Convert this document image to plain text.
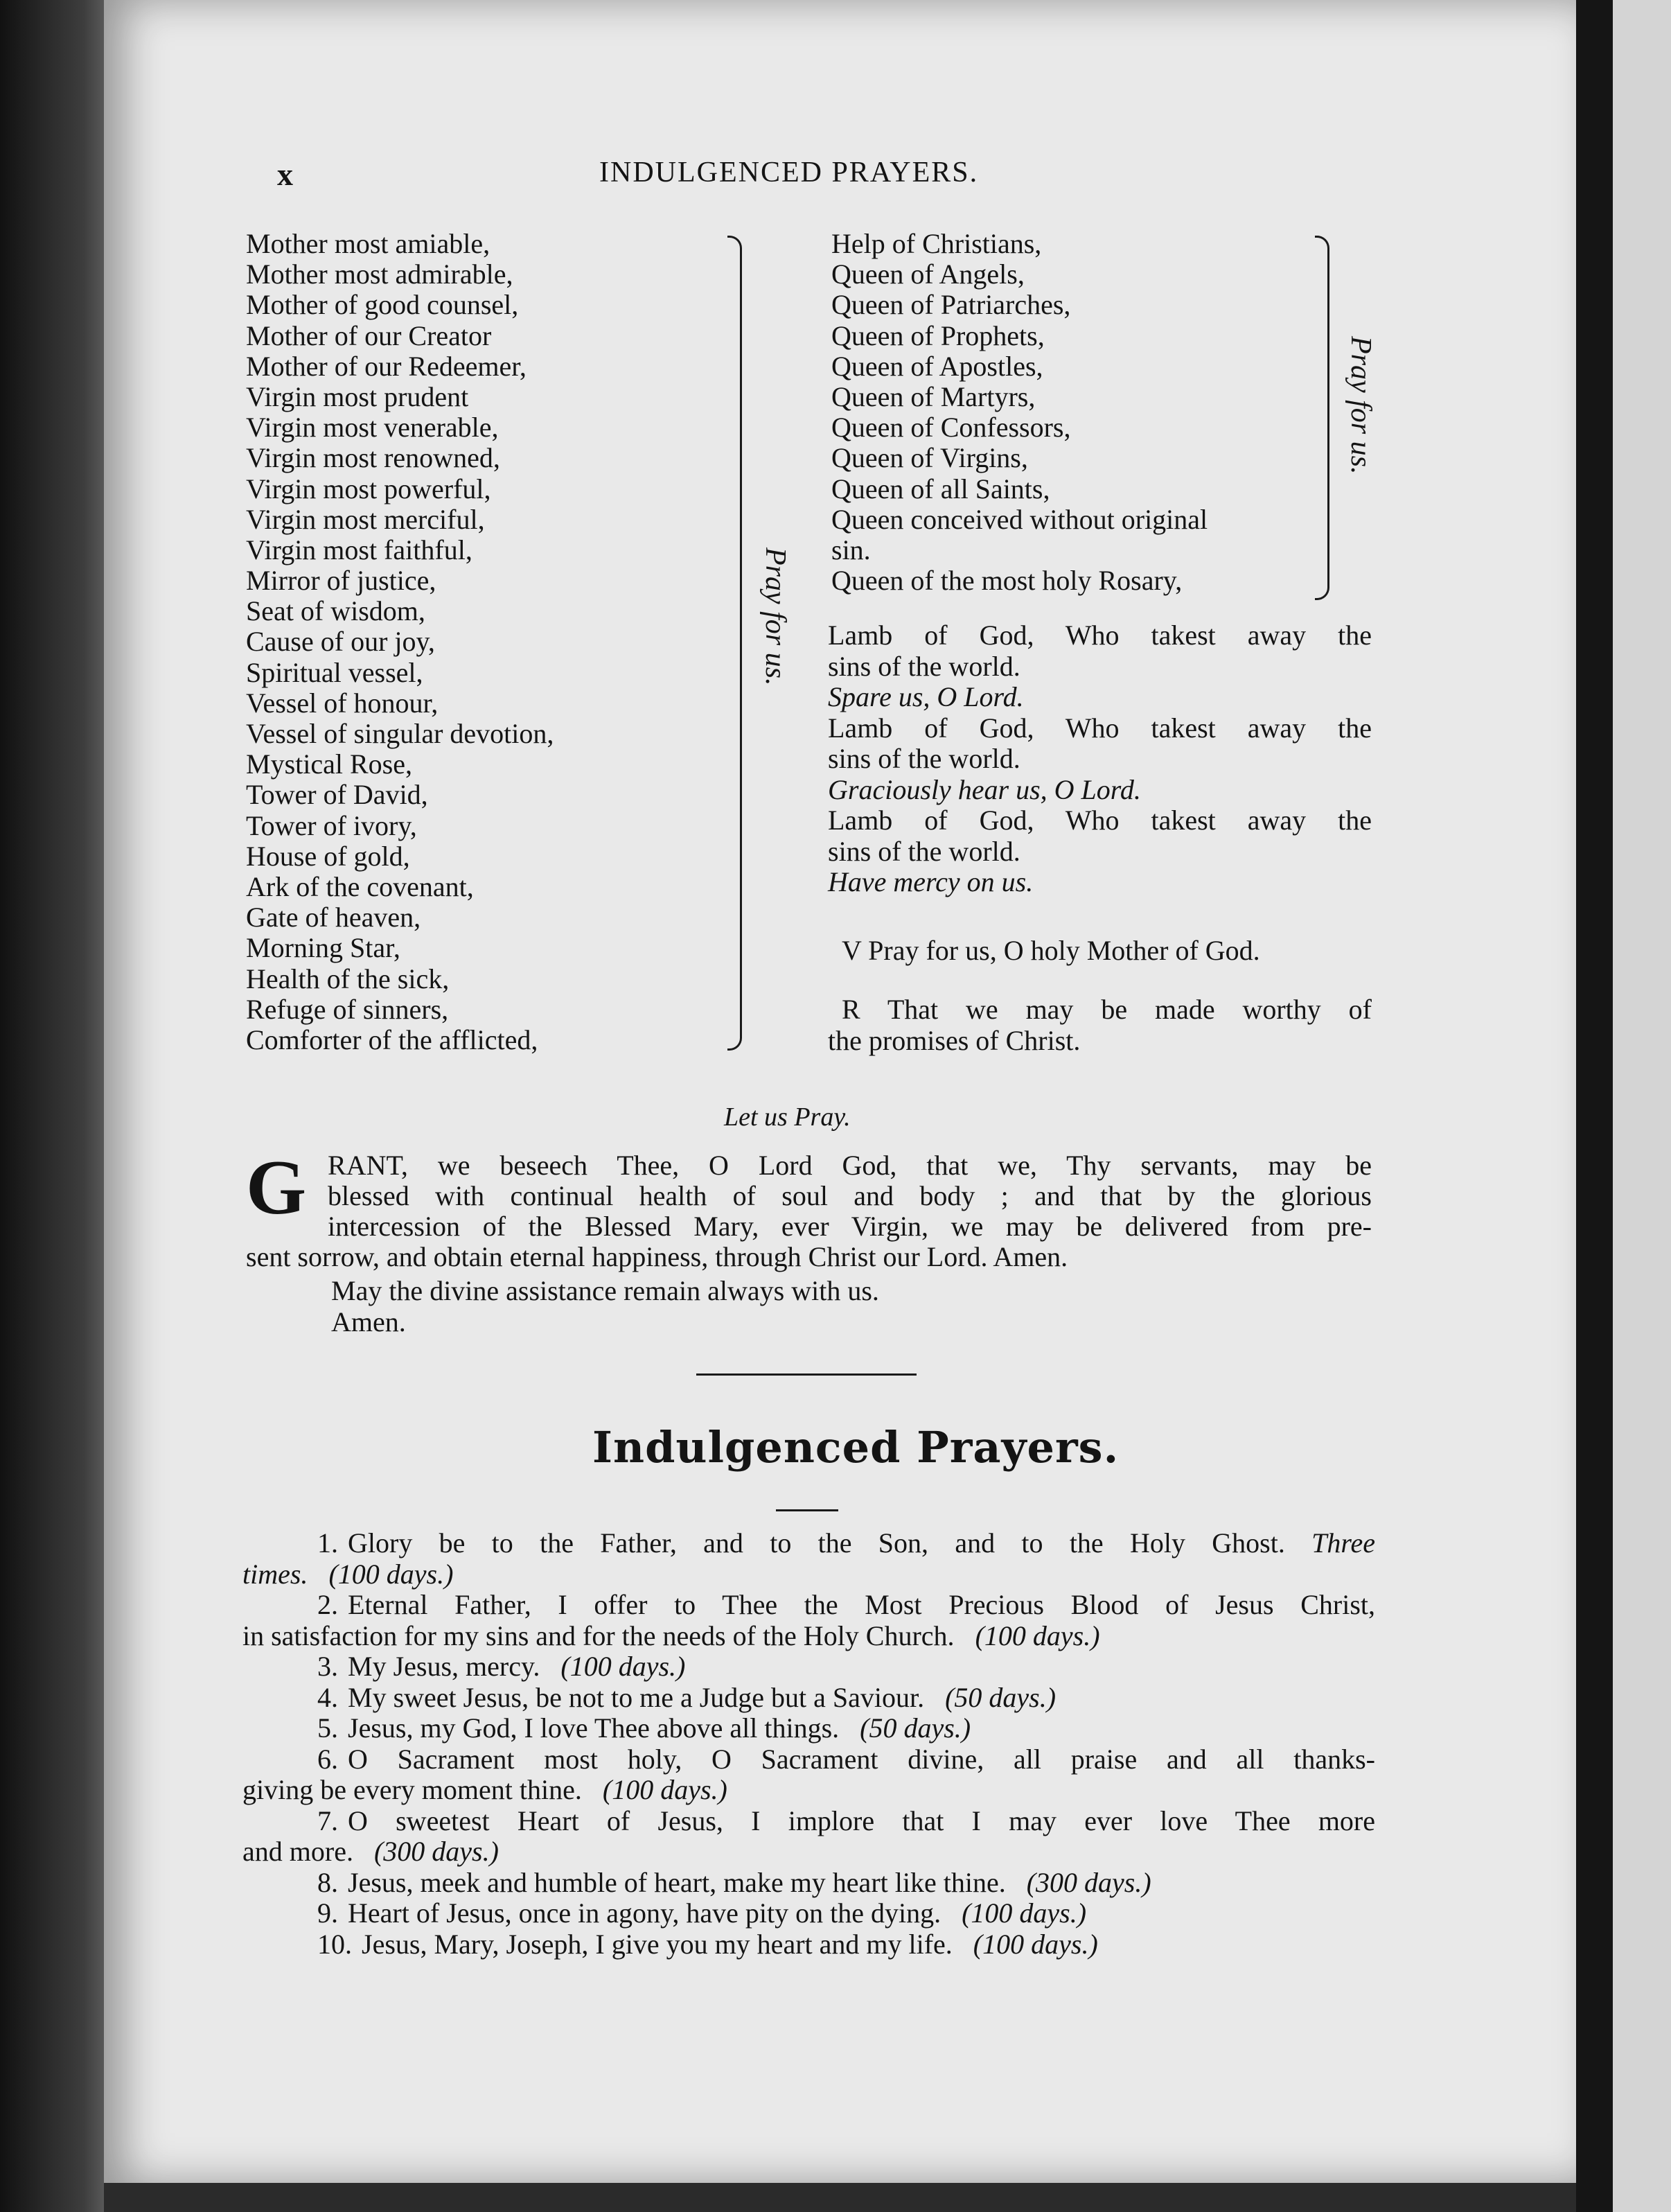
x	INDULGENCED PRAYERS.
Mother most amiable,
Mother most admirable,
Mother of good counsel,
Mother of our Creator
Mother of our Redeemer,
Virgin most prudent
Virgin most venerable,
Virgin most renowned,
Virgin most powerful,
Virgin most merciful,
Virgin most faithful,
Mirror of justice,
Seat of wisdom,
Cause of our joy,
Spiritual vessel,
Vessel of honour,
Vessel of singular devotion,
Mystical Rose,
Tower of David,
Tower of ivory,
House of gold,
Ark of the covenant,
Gate of heaven,
Morning Star,
Health of the sick,
Refuge of sinners,
Comforter of the afflicted,
Pray for us.
Help of Christians,
Queen of Angels,
Queen of Patriarches,
Queen of Prophets,
Queen of Apostles,
Queen of Martyrs,
Queen of Confessors,
Queen of Virgins,
Queen of all Saints,
Queen conceived without original
sin.
Queen of the most holy Rosary,
Pray for us.
Lamb of God, Who takest away the
sins of the world.
Spare us, O Lord.
Lamb of God, Who takest away the
sins of the world.
Graciously hear us, O Lord.
Lamb of God, Who takest away the
sins of the world.
Have mercy on us.
V Pray for us, O holy Mother of God.
R That we may be made worthy of
the promises of Christ.
Let us Pray.
G RANT, we beseech Thee, O Lord God, that we, Thy servants, may be
blessed with continual health of soul and body ; and that by the glorious
intercession of the Blessed Mary, ever Virgin, we may be delivered from pre-
sent sorrow, and obtain eternal happiness, through Christ our Lord. Amen.
May the divine assistance remain always with us.
Amen.
Indulgenced Prayers.
1. Glory be to the Father, and to the Son, and to the Holy Ghost. Three
times. (100 days.)
2. Eternal Father, I offer to Thee the Most Precious Blood of Jesus Christ,
in satisfaction for my sins and for the needs of the Holy Church. (100 days.)
3. My Jesus, mercy. (100 days.)
4. My sweet Jesus, be not to me a Judge but a Saviour. (50 days.)
5. Jesus, my God, I love Thee above all things. (50 days.)
6. O Sacrament most holy, O Sacrament divine, all praise and all thanks-
giving be every moment thine. (100 days.)
7. O sweetest Heart of Jesus, I implore that I may ever love Thee more
and more. (300 days.)
8. Jesus, meek and humble of heart, make my heart like thine. (300 days.)
9. Heart of Jesus, once in agony, have pity on the dying. (100 days.)
10. Jesus, Mary, Joseph, I give you my heart and my life. (100 days.)
